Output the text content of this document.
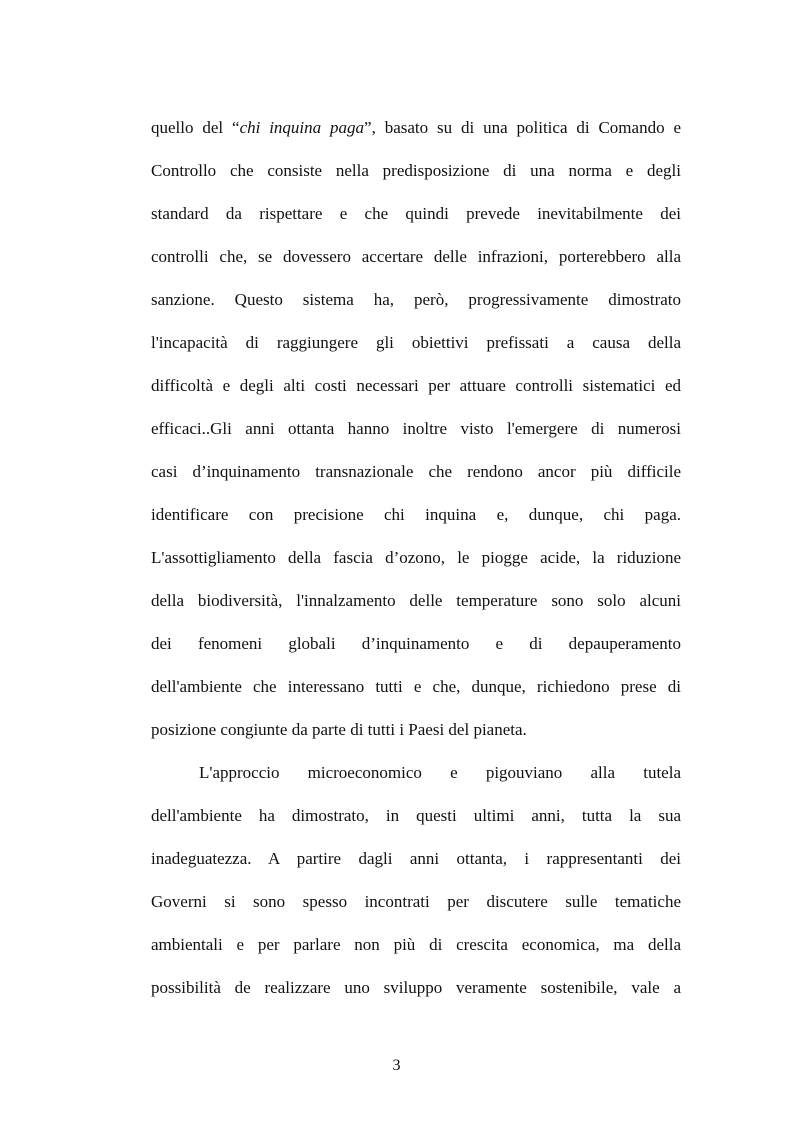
quello del “chi inquina paga”, basato su di una politica di Comando e
Controllo che consiste nella predisposizione di una norma e degli
standard da rispettare e che quindi prevede inevitabilmente dei
controlli che, se dovessero accertare delle infrazioni, porterebbero alla
sanzione. Questo sistema ha, però, progressivamente dimostrato
l'incapacità di raggiungere gli obiettivi prefissati a causa della
difficoltà e degli alti costi necessari per attuare controlli sistematici ed
efficaci..Gli anni ottanta hanno inoltre visto l'emergere di numerosi
casi d’inquinamento transnazionale che rendono ancor più difficile
identificare con precisione chi inquina e, dunque, chi paga.
L'assottigliamento della fascia d’ozono, le piogge acide, la riduzione
della biodiversità, l'innalzamento delle temperature sono solo alcuni
dei fenomeni globali d’inquinamento e di depauperamento
dell'ambiente che interessano tutti e che, dunque, richiedono prese di
posizione congiunte da parte di tutti i Paesi del pianeta.
L'approccio microeconomico e pigouviano alla tutela
dell'ambiente ha dimostrato, in questi ultimi anni, tutta la sua
inadeguatezza. A partire dagli anni ottanta, i rappresentanti dei
Governi si sono spesso incontrati per discutere sulle tematiche
ambientali e per parlare non più di crescita economica, ma della
possibilità de realizzare uno sviluppo veramente sostenibile, vale a
3
